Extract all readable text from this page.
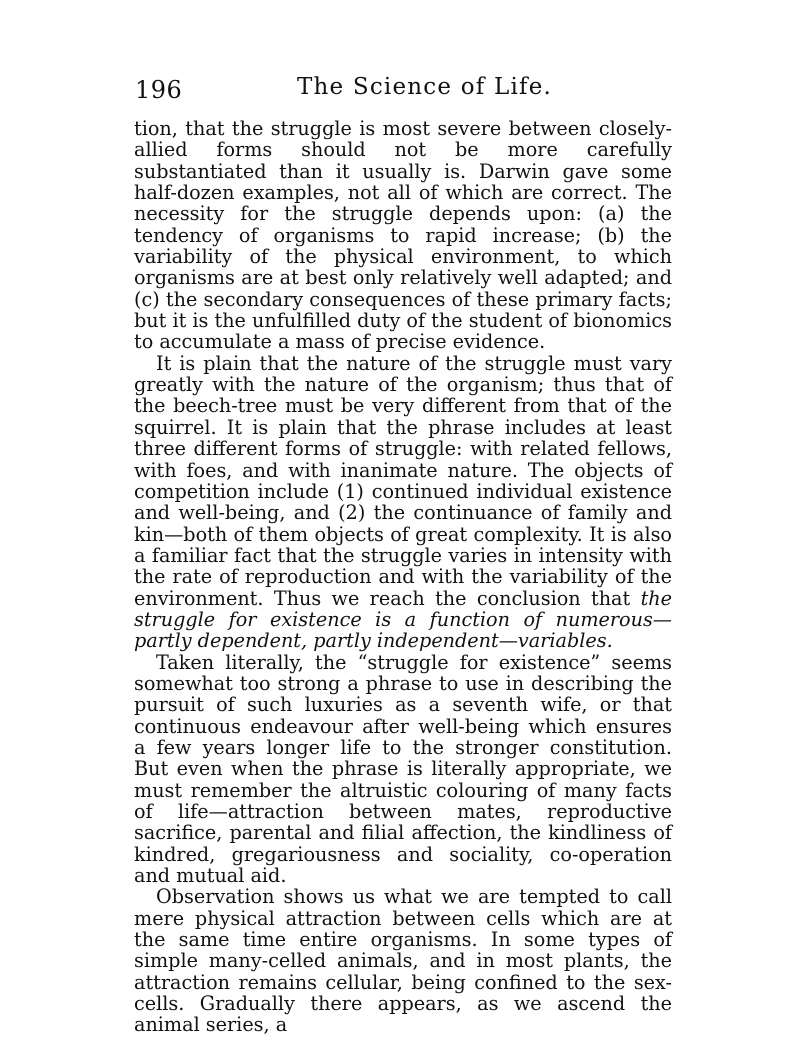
196	The Science of Life.

tion, that the struggle is most severe between closely-allied forms should not be more carefully substantiated than it usually is. Darwin gave some half-dozen examples, not all of which are correct. The necessity for the struggle depends upon: (a) the tendency of organisms to rapid increase; (b) the variability of the physical environment, to which organisms are at best only relatively well adapted; and (c) the secondary consequences of these primary facts; but it is the unfulfilled duty of the student of bionomics to accumulate a mass of precise evidence.

It is plain that the nature of the struggle must vary greatly with the nature of the organism; thus that of the beech-tree must be very different from that of the squirrel. It is plain that the phrase includes at least three different forms of struggle: with related fellows, with foes, and with inanimate nature. The objects of competition include (1) continued individual existence and well-being, and (2) the continuance of family and kin—both of them objects of great complexity. It is also a familiar fact that the struggle varies in intensity with the rate of reproduction and with the variability of the environment. Thus we reach the conclusion that the struggle for existence is a function of numerous—partly dependent, partly independent—variables.

Taken literally, the “struggle for existence” seems somewhat too strong a phrase to use in describing the pursuit of such luxuries as a seventh wife, or that continuous endeavour after well-being which ensures a few years longer life to the stronger constitution. But even when the phrase is literally appropriate, we must remember the altruistic colouring of many facts of life—attraction between mates, reproductive sacrifice, parental and filial affection, the kindliness of kindred, gregariousness and sociality, co-operation and mutual aid.

Observation shows us what we are tempted to call mere physical attraction between cells which are at the same time entire organisms. In some types of simple many-celled animals, and in most plants, the attraction remains cellular, being confined to the sex-cells. Gradually there appears, as we ascend the animal series, a
